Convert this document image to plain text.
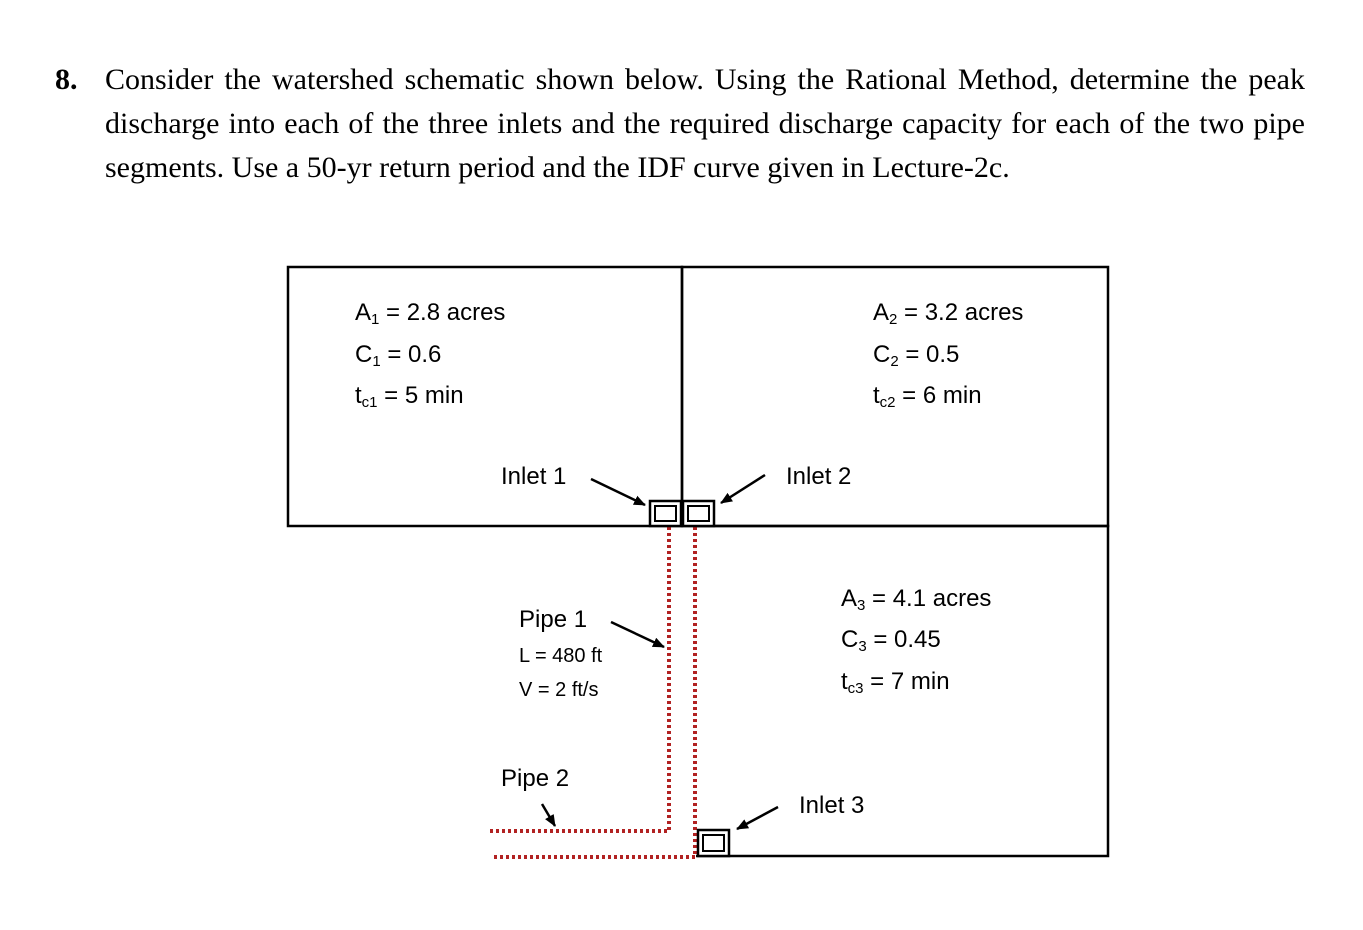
8. Consider the watershed schematic shown below. Using the Rational Method, determine the peak discharge into each of the three inlets and the required discharge capacity for each of the two pipe segments. Use a 50-yr return period and the IDF curve given in Lecture-2c.
A1 = 2.8 acres
C1 = 0.6
tc1 = 5 min
A2 = 3.2 acres
C2 = 0.5
tc2 = 6 min
A3 = 4.1 acres
C3 = 0.45
tc3 = 7 min
Inlet 1	Inlet 2
Inlet 3
Pipe 1
L = 480 ft
V = 2 ft/s
Pipe 2
